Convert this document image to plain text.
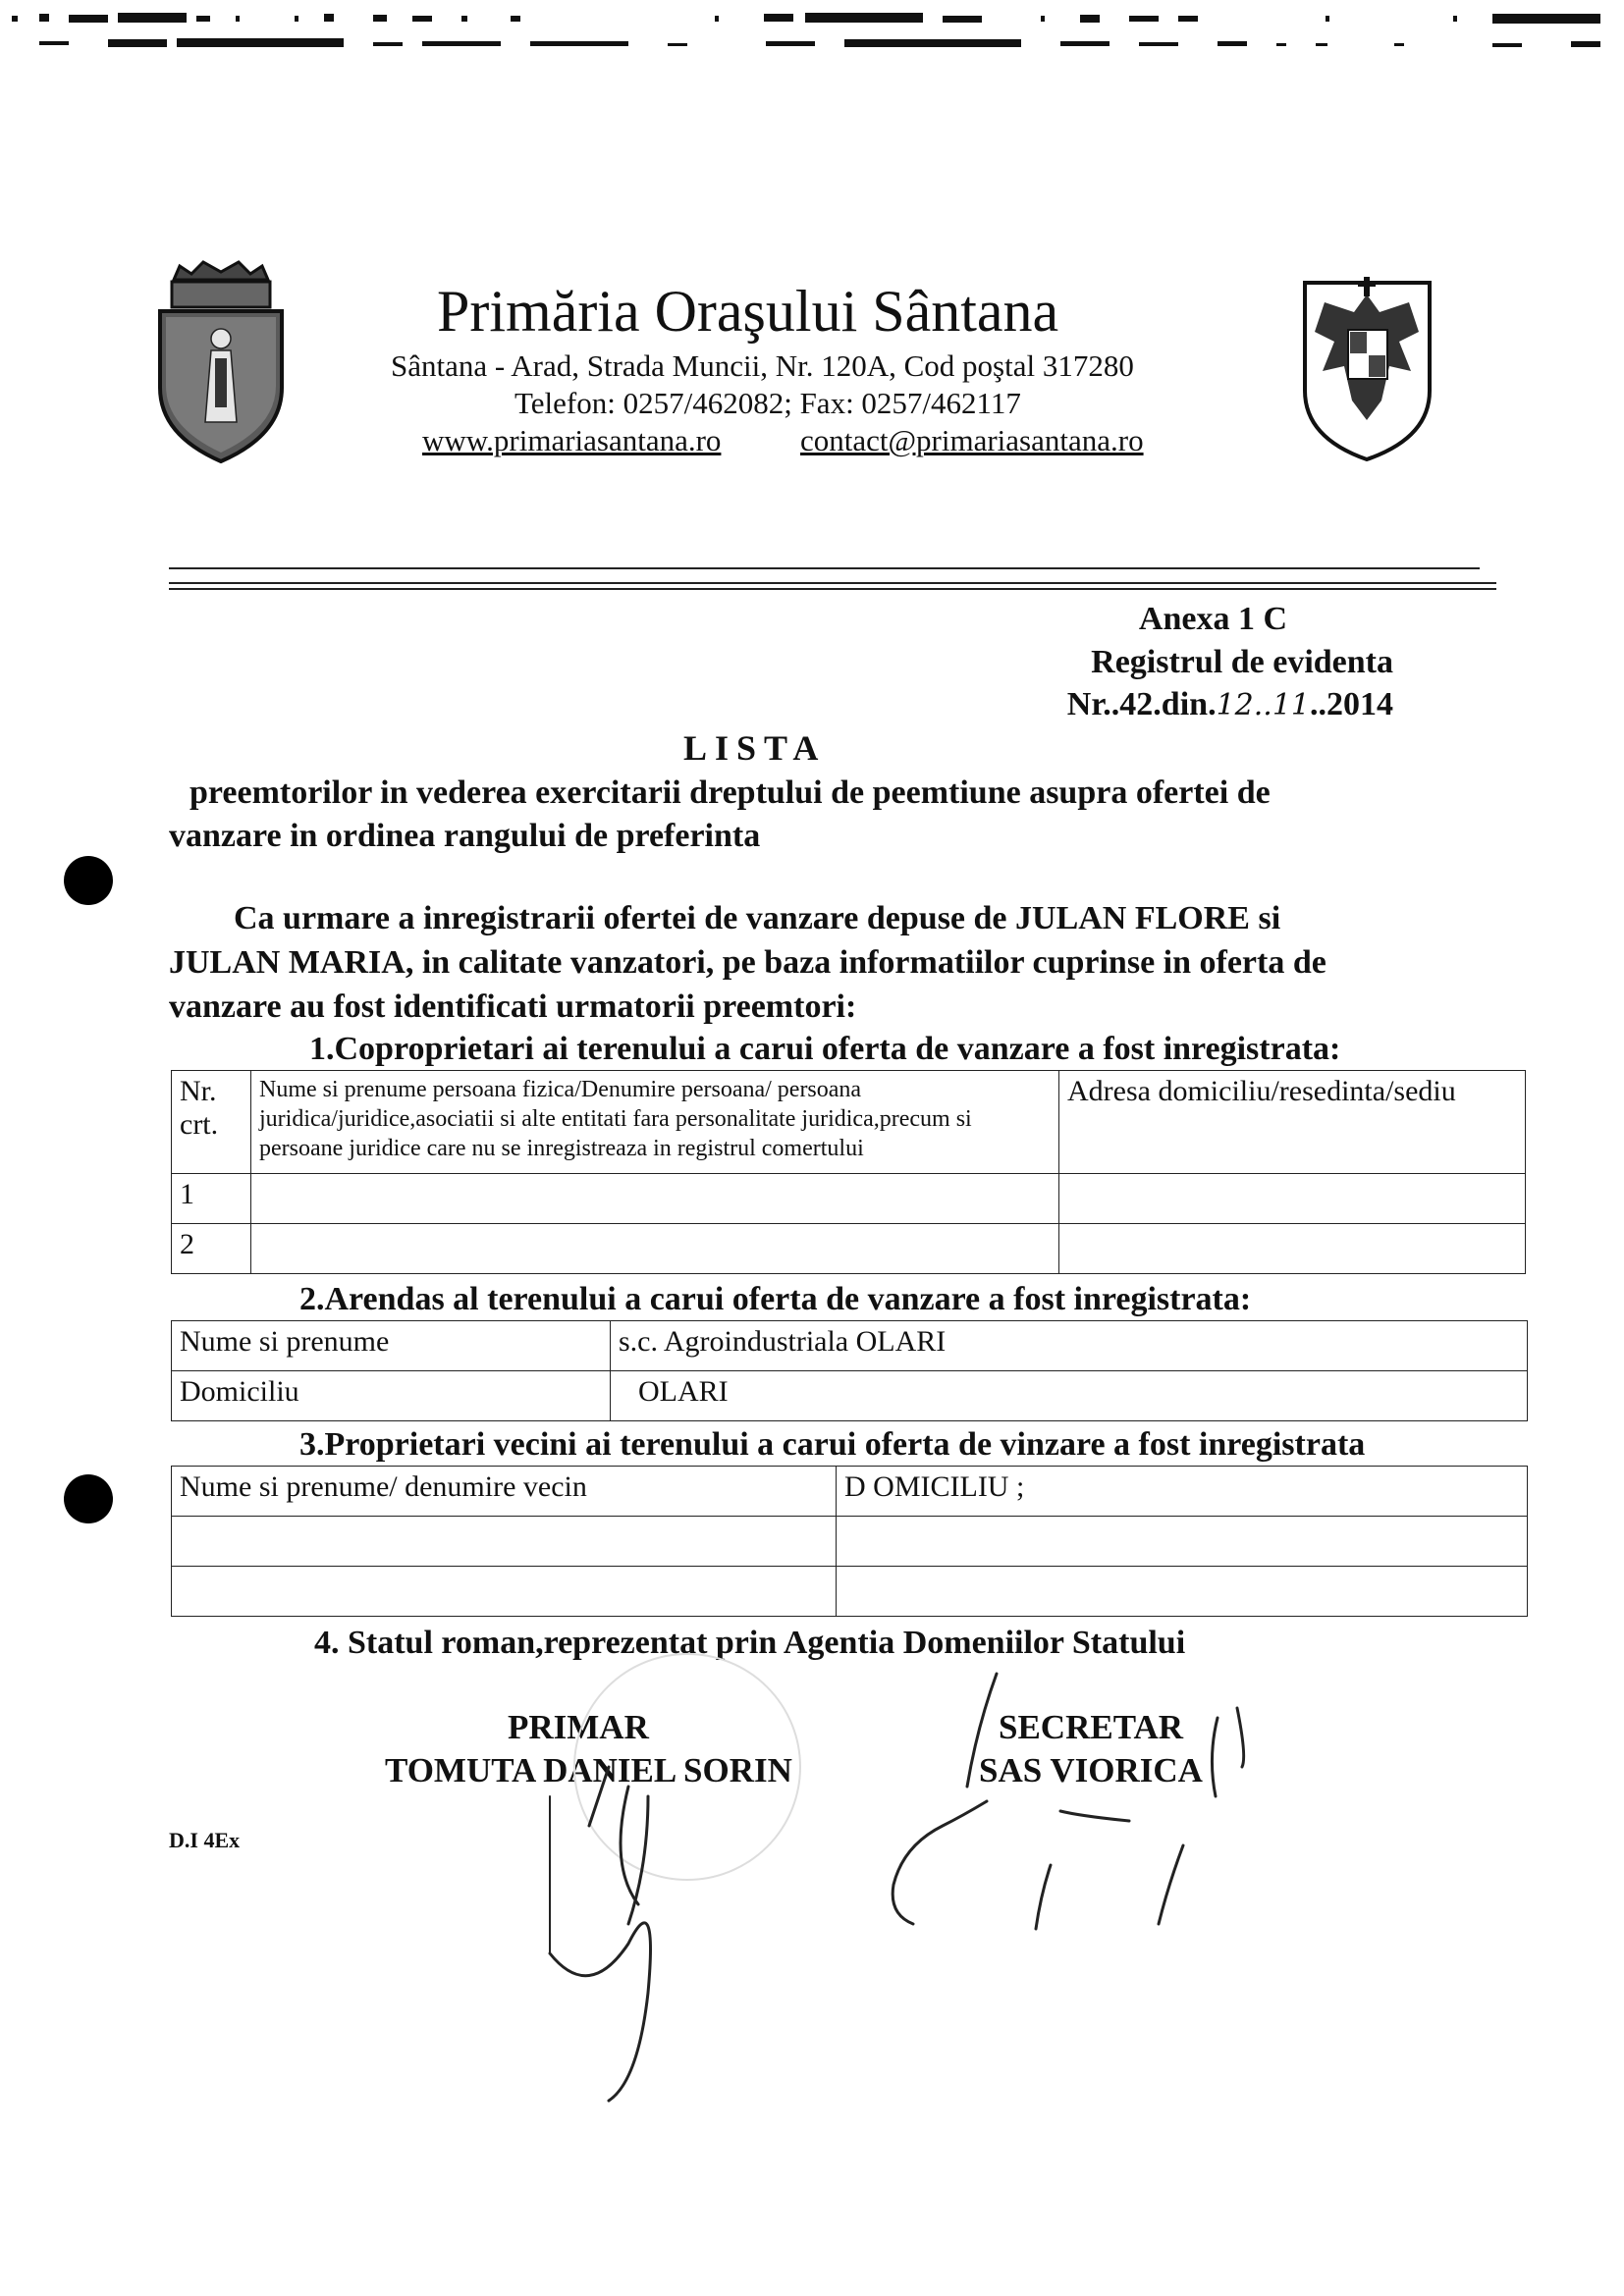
Primăria Oraşului Sântana
Sântana - Arad, Strada Muncii, Nr. 120A, Cod poştal 317280
Telefon: 0257/462082; Fax: 0257/462117
www.primariasantana.ro	contact@primariasantana.ro
Anexa 1 C
Registrul de evidenta
Nr..42.din.12..11..2014
LISTA
preemtorilor in vederea exercitarii dreptului de peemtiune asupra ofertei de
vanzare in ordinea rangului de preferinta
Ca urmare a inregistrarii ofertei de vanzare depuse de JULAN FLORE si
JULAN MARIA, in calitate vanzatori, pe baza informatiilor cuprinse in oferta de
vanzare au fost identificati urmatorii preemtori:
1.Coproprietari ai terenului a carui oferta de vanzare a fost inregistrata:
Nr. crt.	Nume si prenume persoana fizica/Denumire persoana/ persoana juridica/juridice,asociatii si alte entitati fara personalitate juridica,precum si persoane juridice care nu se inregistreaza in registrul comertului	Adresa domiciliu/resedinta/sediu
1		
2		
2.Arendas al terenului a carui oferta de vanzare a fost inregistrata:
Nume si prenume	s.c. Agroindustriala OLARI
Domiciliu	OLARI
3.Proprietari vecini ai terenului a carui oferta de vinzare a fost inregistrata
Nume si prenume/ denumire vecin	D OMICILIU ;

4. Statul roman,reprezentat prin Agentia Domeniilor Statului
PRIMAR
TOMUTA DANIEL SORIN
SECRETAR
SAS VIORICA
D.I 4Ex
